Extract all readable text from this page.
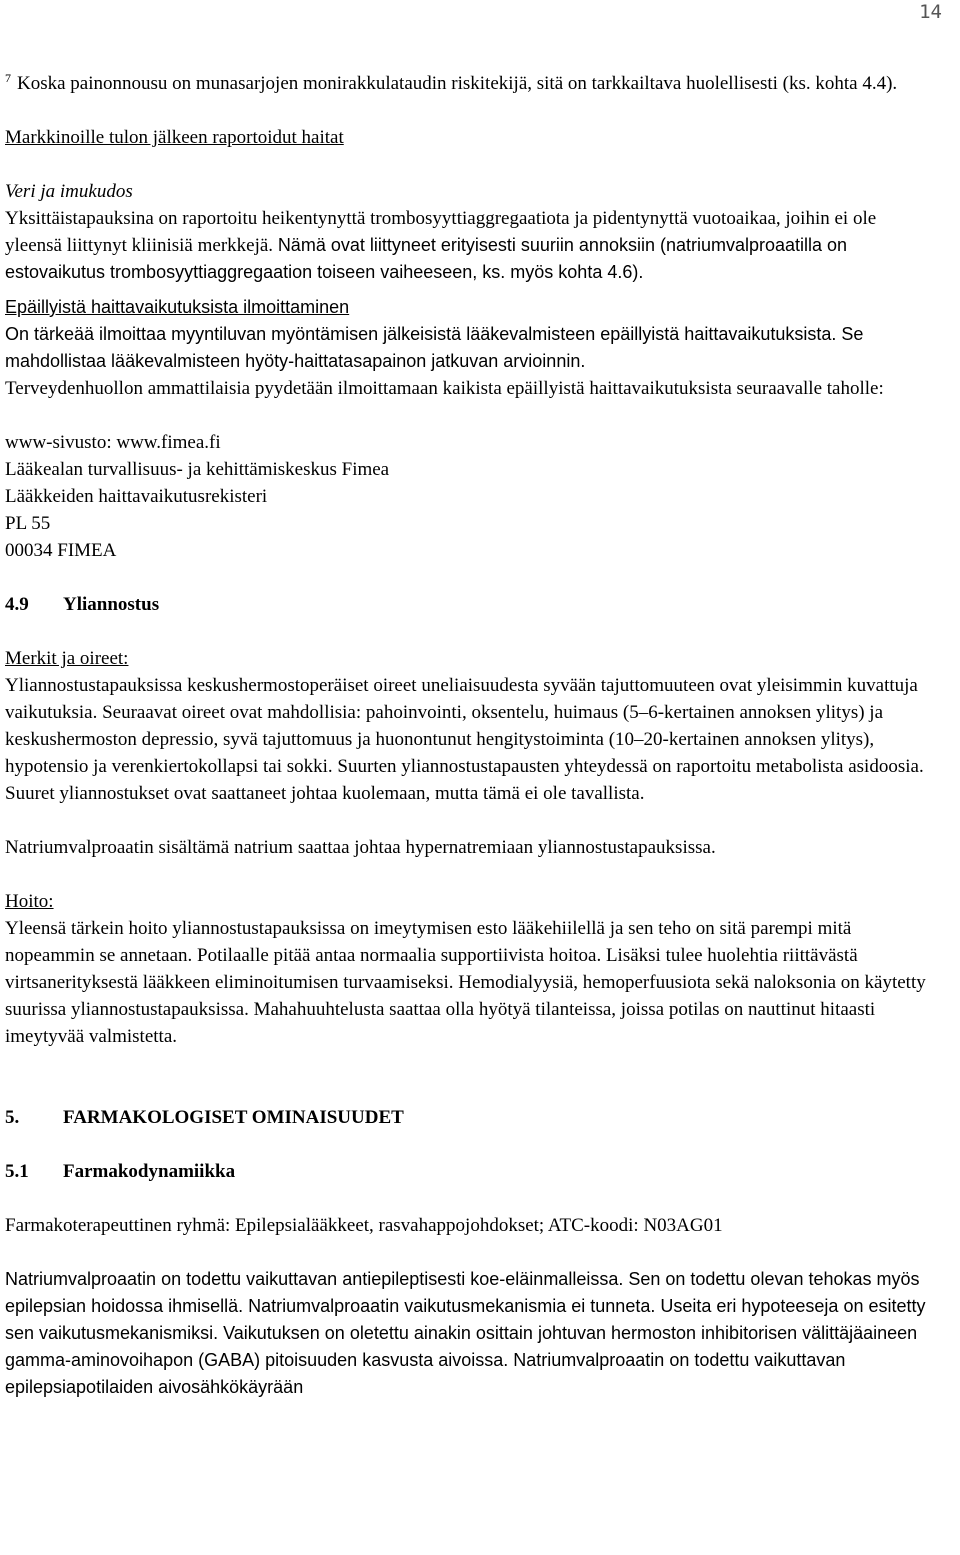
14

$^7$ Koska painonnousu on munasarjojen monirakkulataudin riskitekijä, sitä on tarkkailtava huolellisesti (ks. kohta 4.4).

Markkinoille tulon jälkeen raportoidut haitat

Veri ja imukudos

Yksittäistapauksina on raportoitu heikentynyttä trombosyyttiaggregaatiota ja pidentynyttä vuotoaikaa, joihin ei ole yleensä liittynyt kliinisiä merkkejä. Nämä ovat liittyneet erityisesti suuriin annoksiin (natriumvalproaatilla on estovaikutus trombosyyttiaggregaation toiseen vaiheeseen, ks. myös kohta 4.6).

Epäillyistä haittavaikutuksista ilmoittaminen

On tärkeää ilmoittaa myyntiluvan myöntämisen jälkeisistä lääkevalmisteen epäillyistä haittavaikutuksista. Se mahdollistaa lääkevalmisteen hyöty-haittatasapainon jatkuvan arvioinnin.

Terveydenhuollon ammattilaisia pyydetään ilmoittamaan kaikista epäillyistä haittavaikutuksista seuraavalle taholle:

www-sivusto: www.fimea.fi

Lääkealan turvallisuus- ja kehittämiskeskus Fimea

Lääkkeiden haittavaikutusrekisteri

PL 55

00034 FIMEA

4.9 Yliannostus

Merkit ja oireet:

Yliannostustapauksissa keskushermostoperäiset oireet uneliaisuudesta syvään tajuttomuuteen ovat yleisimmin kuvattuja vaikutuksia. Seuraavat oireet ovat mahdollisia: pahoinvointi, oksentelu, huimaus (5–6-kertainen annoksen ylitys) ja keskushermoston depressio, syvä tajuttomuus ja huonontunut hengitystoiminta (10–20-kertainen annoksen ylitys), hypotensio ja verenkiertokollapsi tai sokki. Suurten yliannostustapausten yhteydessä on raportoitu metabolista asidoosia. Suuret yliannostukset ovat saattaneet johtaa kuolemaan, mutta tämä ei ole tavallista.

Natriumvalproaatin sisältämä natrium saattaa johtaa hypernatremiaan yliannostustapauksissa.

Hoito:

Yleensä tärkein hoito yliannostustapauksissa on imeytymisen esto lääkehiilellä ja sen teho on sitä parempi mitä nopeammin se annetaan. Potilaalle pitää antaa normaalia supportiivista hoitoa. Lisäksi tulee huolehtia riittävästä virtsanerityksestä lääkkeen eliminoitumisen turvaamiseksi. Hemodialyysiä, hemoperfuusiota sekä naloksonia on käytetty suurissa yliannostustapauksissa. Mahahuuhtelusta saattaa olla hyötyä tilanteissa, joissa potilas on nauttinut hitaasti imeytyvää valmistetta.

5. FARMAKOLOGISET OMINAISUUDET

5.1 Farmakodynamiikka

Farmakoterapeuttinen ryhmä: Epilepsialääkkeet, rasvahappojohdokset; ATC-koodi: N03AG01

Natriumvalproaatin on todettu vaikuttavan antiepileptisesti koe-eläinmalleissa. Sen on todettu olevan tehokas myös epilepsian hoidossa ihmisellä. Natriumvalproaatin vaikutusmekanismia ei tunneta. Useita eri hypoteeseja on esitetty sen vaikutusmekanismiksi. Vaikutuksen on oletettu ainakin osittain johtuvan hermoston inhibitorisen välittäjäaineen gamma-aminovoihapon (GABA) pitoisuuden kasvusta aivoissa. Natriumvalproaatin on todettu vaikuttavan epilepsiapotilaiden aivosähkökäyrään
